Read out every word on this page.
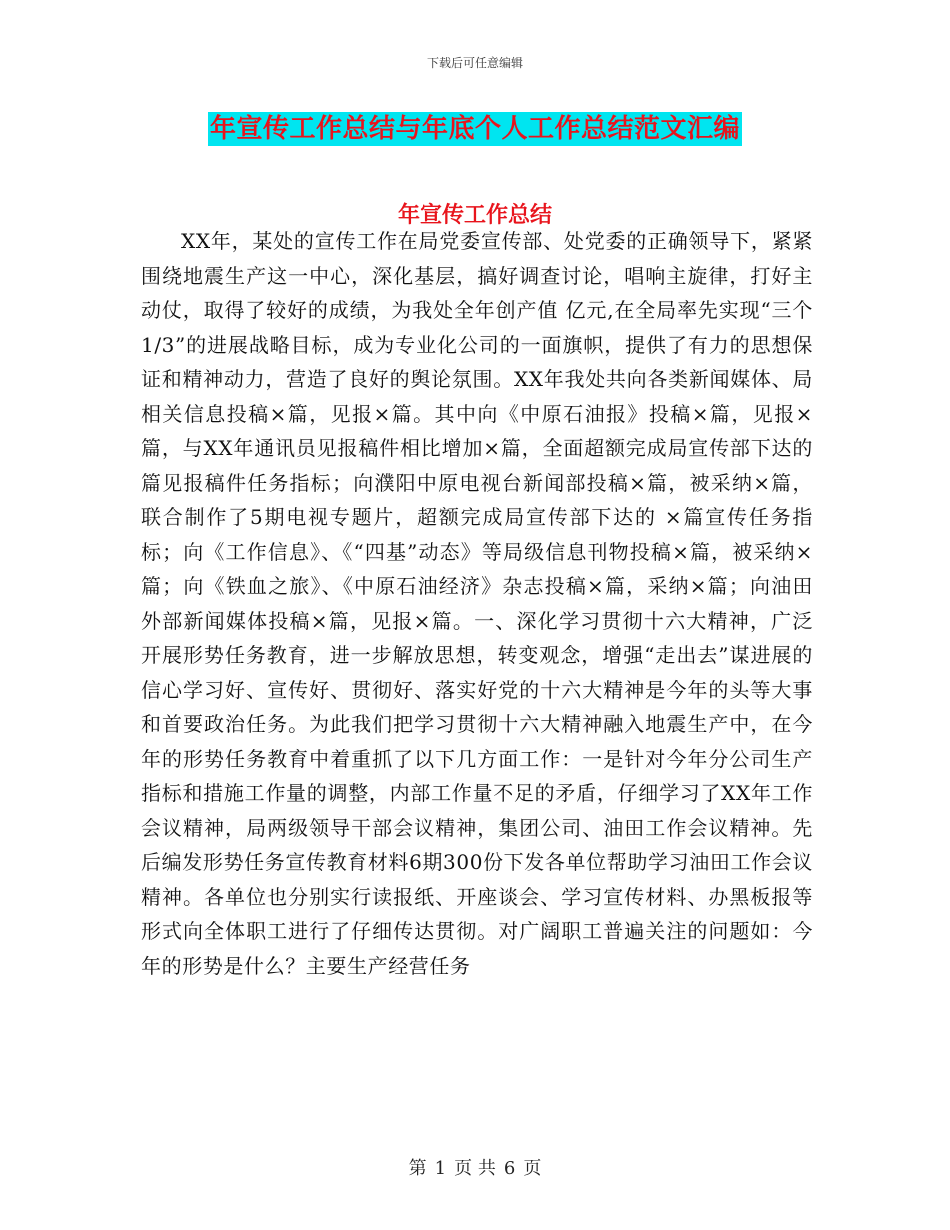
下载后可任意编辑
年宣传工作总结与年底个人工作总结范文汇编
年宣传工作总结
XX年，某处的宣传工作在局党委宣传部、处党委的正确领导下，紧紧围绕地震生产这一中心，深化基层，搞好调查讨论，唱响主旋律，打好主动仗，取得了较好的成绩，为我处全年创产值 亿元,在全局率先实现“三个1/3”的进展战略目标，成为专业化公司的一面旗帜，提供了有力的思想保证和精神动力，营造了良好的舆论氛围。XX年我处共向各类新闻媒体、局相关信息投稿×篇，见报×篇。其中向《中原石油报》投稿×篇，见报×篇，与XX年通讯员见报稿件相比增加×篇，全面超额完成局宣传部下达的篇见报稿件任务指标；向濮阳中原电视台新闻部投稿×篇，被采纳×篇，联合制作了5期电视专题片，超额完成局宣传部下达的 ×篇宣传任务指标；向《工作信息》、《“四基”动态》等局级信息刊物投稿×篇，被采纳×篇；向《铁血之旅》、《中原石油经济》杂志投稿×篇，采纳×篇；向油田外部新闻媒体投稿×篇，见报×篇。一、深化学习贯彻十六大精神，广泛开展形势任务教育，进一步解放思想，转变观念，增强“走出去”谋进展的信心学习好、宣传好、贯彻好、落实好党的十六大精神是今年的头等大事和首要政治任务。为此我们把学习贯彻十六大精神融入地震生产中，在今年的形势任务教育中着重抓了以下几方面工作：一是针对今年分公司生产指标和措施工作量的调整，内部工作量不足的矛盾，仔细学习了XX年工作会议精神，局两级领导干部会议精神，集团公司、油田工作会议精神。先后编发形势任务宣传教育材料6期300份下发各单位帮助学习油田工作会议精神。各单位也分别实行读报纸、开座谈会、学习宣传材料、办黑板报等形式向全体职工进行了仔细传达贯彻。对广阔职工普遍关注的问题如：今年的形势是什么？主要生产经营任务
第 1 页 共 6 页
